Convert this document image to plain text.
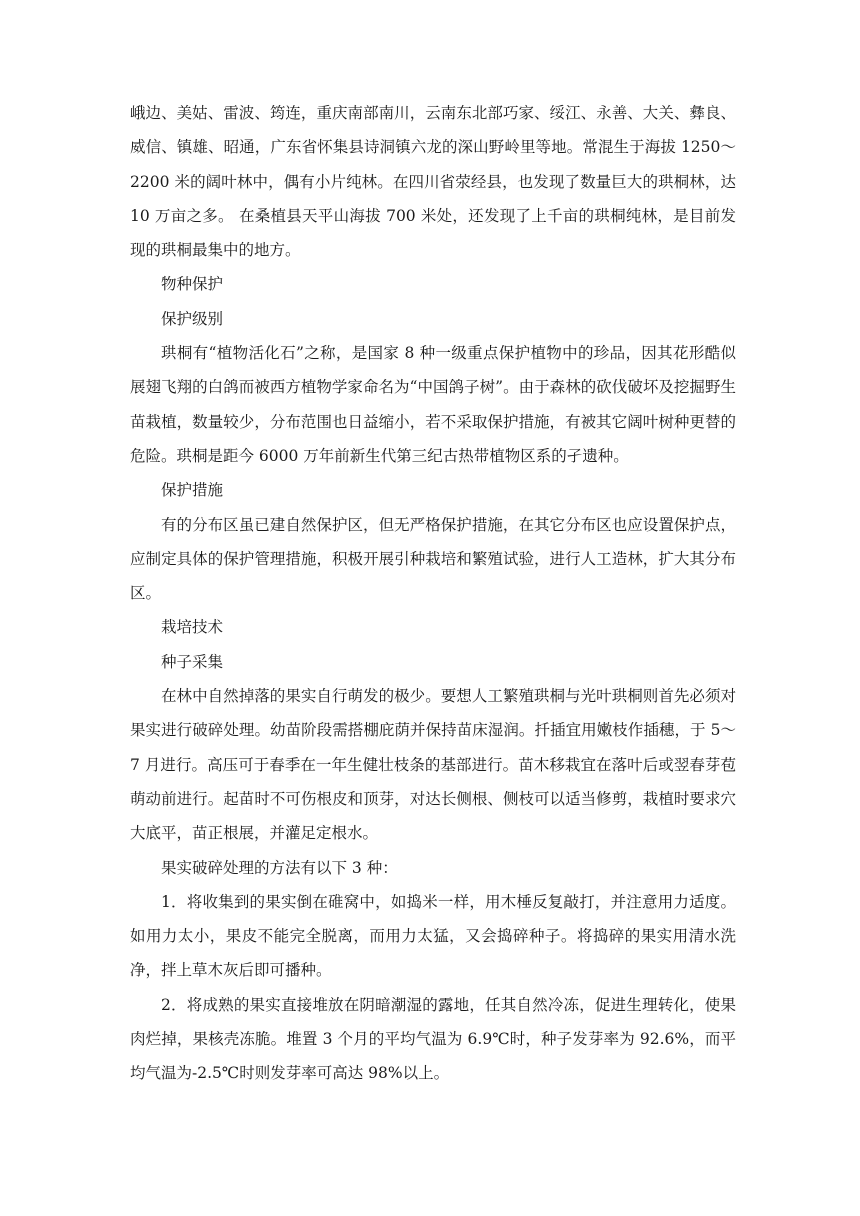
峨边、美姑、雷波、筠连，重庆南部南川，云南东北部巧家、绥江、永善、大关、彝良、威信、镇雄、昭通，广东省怀集县诗洞镇六龙的深山野岭里等地。常混生于海拔 1250～2200 米的阔叶林中，偶有小片纯林。在四川省荥经县，也发现了数量巨大的珙桐林，达 10 万亩之多。 在桑植县天平山海拔 700 米处，还发现了上千亩的珙桐纯林，是目前发现的珙桐最集中的地方。

物种保护

保护级别

珙桐有“植物活化石”之称，是国家 8 种一级重点保护植物中的珍品，因其花形酷似展翅飞翔的白鸽而被西方植物学家命名为“中国鸽子树”。由于森林的砍伐破坏及挖掘野生苗栽植，数量较少，分布范围也日益缩小，若不采取保护措施，有被其它阔叶树种更替的危险。珙桐是距今 6000 万年前新生代第三纪古热带植物区系的孑遗种。

保护措施

有的分布区虽已建自然保护区，但无严格保护措施，在其它分布区也应设置保护点，应制定具体的保护管理措施，积极开展引种栽培和繁殖试验，进行人工造林，扩大其分布区。

栽培技术

种子采集

在林中自然掉落的果实自行萌发的极少。要想人工繁殖珙桐与光叶珙桐则首先必须对果实进行破碎处理。幼苗阶段需搭棚庇荫并保持苗床湿润。扦插宜用嫩枝作插穗，于 5～7 月进行。高压可于春季在一年生健壮枝条的基部进行。苗木移栽宜在落叶后或翌春芽苞萌动前进行。起苗时不可伤根皮和顶芽，对达长侧根、侧枝可以适当修剪，栽植时要求穴大底平，苗正根展，并灌足定根水。

果实破碎处理的方法有以下 3 种：

1．将收集到的果实倒在碓窝中，如捣米一样，用木棰反复敲打，并注意用力适度。如用力太小，果皮不能完全脱离，而用力太猛，又会捣碎种子。将捣碎的果实用清水洗净，拌上草木灰后即可播种。

2．将成熟的果实直接堆放在阴暗潮湿的露地，任其自然冷冻，促进生理转化，使果肉烂掉，果核壳冻脆。堆置 3 个月的平均气温为 6.9℃时，种子发芽率为 92.6%，而平均气温为-2.5℃时则发芽率可高达 98%以上。
